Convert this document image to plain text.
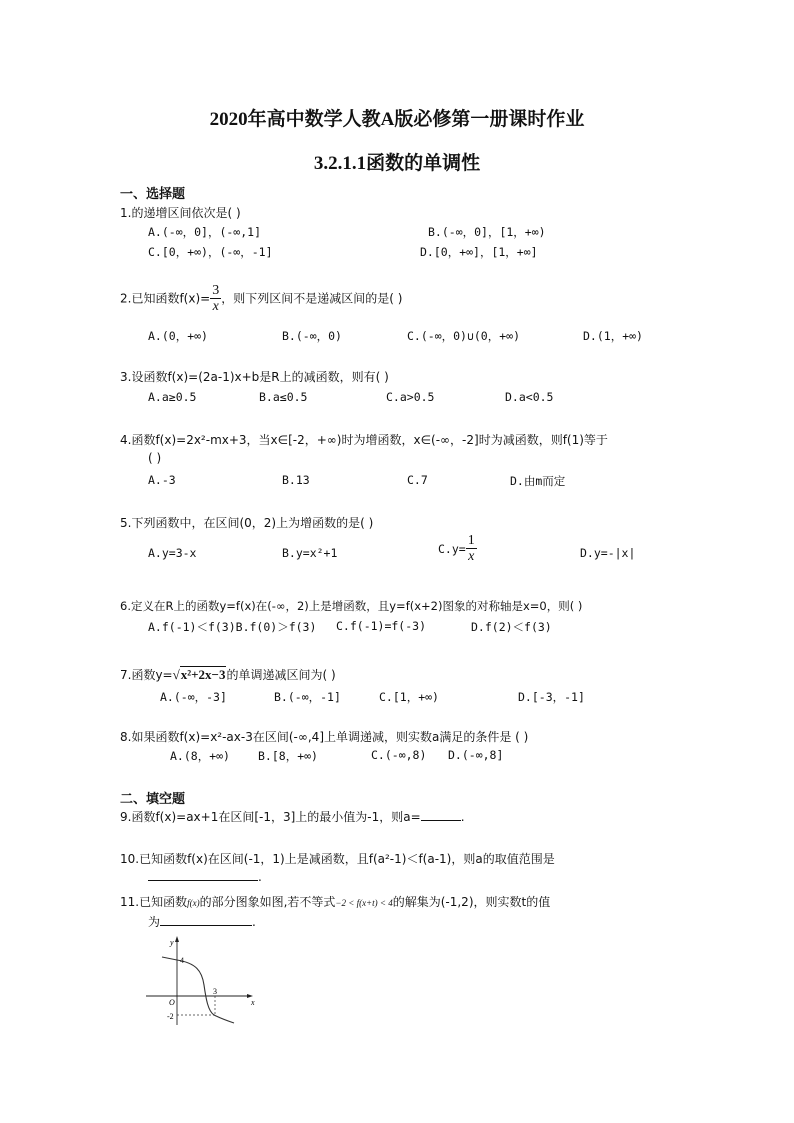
2020年高中数学人教A版必修第一册课时作业
3.2.1.1函数的单调性
一、选择题
1.的递增区间依次是( )
A.(-∞，0]，(-∞,1]	B.(-∞，0]，[1，+∞)
C.[0，+∞)，(-∞，-1]	D.[0，+∞]，[1，+∞]
2.已知函数$f(x)= \frac{3}{x}$ ，则下列区间不是递减区间的是( )
A.(0，+∞)	B.(-∞，0)	C.(-∞，0)∪(0，+∞)	D.(1，+∞)
3.设函数f(x)=(2a-1)x+b是R上的减函数，则有( )
A.a≥0.5	B.a≤0.5	C.a>0.5	D.a<0.5
4.函数f(x)=2x²-mx+3，当x∈[-2，+∞)时为增函数，x∈(-∞，-2]时为减函数，则f(1)等于
( )
A.-3	B.13	C.7	D.由m而定
5.下列函数中，在区间(0，2)上为增函数的是( )
A.y=3-x	B.y=x²+1	$C.y= \frac{1}{x}$	D.y=-|x|
6.定义在R上的函数y=f(x)在(-∞，2)上是增函数，且y=f(x+2)图象的对称轴是x=0，则( )
A.f(-1)＜f(3)B.f(0)＞f(3) C.f(-1)=f(-3)	D.f(2)＜f(3)
7.函数y=√x²+2x−3的单调递减区间为( )
A.(-∞，-3]	B.(-∞，-1]	C.[1，+∞)	D.[-3，-1]
8.如果函数f(x)=x²-ax-3在区间(-∞,4]上单调递减，则实数a满足的条件是 ( )
A.(8，+∞) B.[8，+∞)	C.(-∞,8) D.(-∞,8]
二、填空题
9.函数f(x)=ax+1在区间[-1，3]上的最小值为-1，则a=	.
10.已知函数f(x)在区间(-1，1)上是减函数，且f(a²-1)＜f(a-1)，则a的取值范围是
.
11.已知函数f(x)的部分图象如图,若不等式−2 < f(x+t) < 4的解集为(-1,2)，则实数t的值
为	.
y
x
O
4
-2
3
